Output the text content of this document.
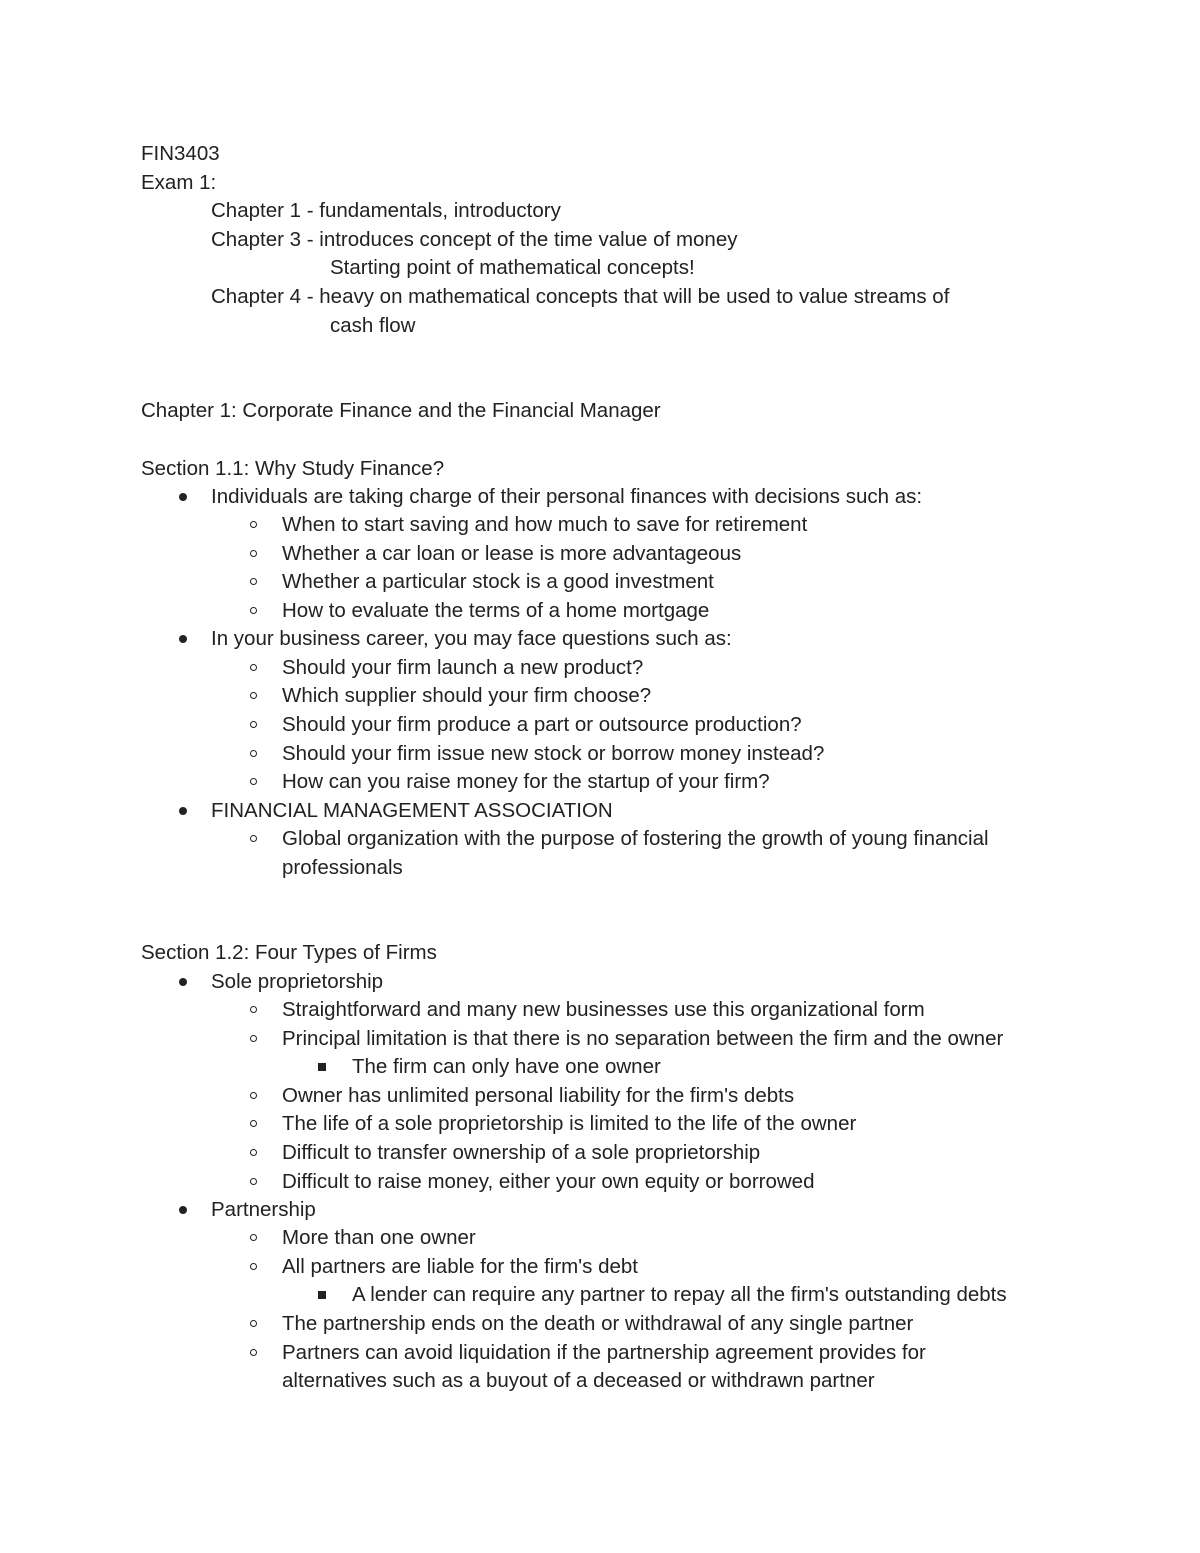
FIN3403
Exam 1:
Chapter 1 - fundamentals, introductory
Chapter 3 - introduces concept of the time value of money
Starting point of mathematical concepts!
Chapter 4 - heavy on mathematical concepts that will be used to value streams of
cash flow
Chapter 1: Corporate Finance and the Financial Manager
Section 1.1: Why Study Finance?
Individuals are taking charge of their personal finances with decisions such as:
When to start saving and how much to save for retirement
Whether a car loan or lease is more advantageous
Whether a particular stock is a good investment
How to evaluate the terms of a home mortgage
In your business career, you may face questions such as:
Should your firm launch a new product?
Which supplier should your firm choose?
Should your firm produce a part or outsource production?
Should your firm issue new stock or borrow money instead?
How can you raise money for the startup of your firm?
FINANCIAL MANAGEMENT ASSOCIATION
Global organization with the purpose of fostering the growth of young financial
professionals
Section 1.2: Four Types of Firms
Sole proprietorship
Straightforward and many new businesses use this organizational form
Principal limitation is that there is no separation between the firm and the owner
The firm can only have one owner
Owner has unlimited personal liability for the firm's debts
The life of a sole proprietorship is limited to the life of the owner
Difficult to transfer ownership of a sole proprietorship
Difficult to raise money, either your own equity or borrowed
Partnership
More than one owner
All partners are liable for the firm's debt
A lender can require any partner to repay all the firm's outstanding debts
The partnership ends on the death or withdrawal of any single partner
Partners can avoid liquidation if the partnership agreement provides for
alternatives such as a buyout of a deceased or withdrawn partner
